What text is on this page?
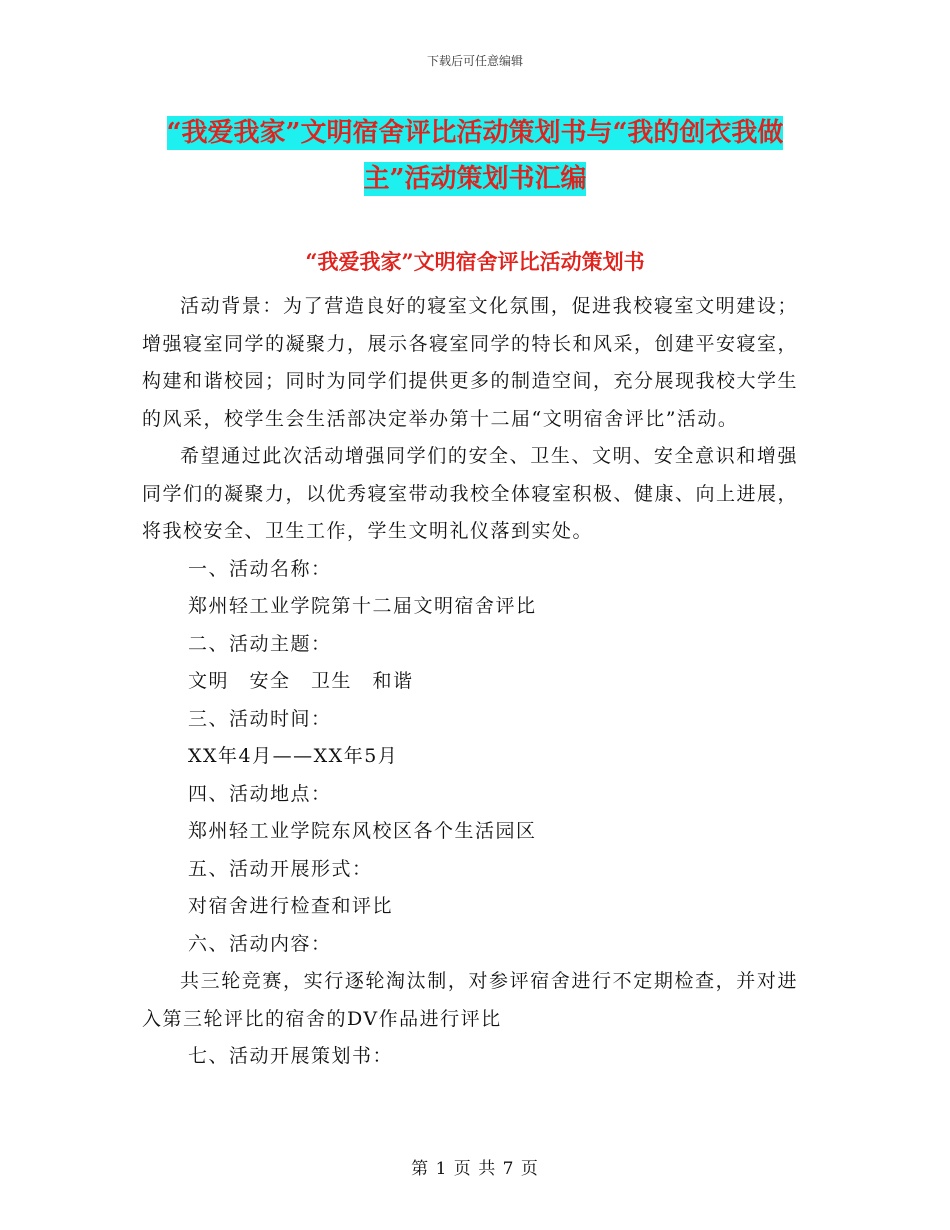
下载后可任意编辑
“我爱我家”文明宿舍评比活动策划书与“我的创衣我做主”活动策划书汇编
“我爱我家”文明宿舍评比活动策划书

活动背景：为了营造良好的寝室文化氛围，促进我校寝室文明建设；增强寝室同学的凝聚力，展示各寝室同学的特长和风采，创建平安寝室，构建和谐校园；同时为同学们提供更多的制造空间，充分展现我校大学生的风采，校学生会生活部决定举办第十二届“文明宿舍评比”活动。

希望通过此次活动增强同学们的安全、卫生、文明、安全意识和增强同学们的凝聚力，以优秀寝室带动我校全体寝室积极、健康、向上进展，将我校安全、卫生工作，学生文明礼仪落到实处。

一、活动名称：

郑州轻工业学院第十二届文明宿舍评比

二、活动主题：

文明　安全　卫生　和谐

三、活动时间：

XX年4月——XX年5月

四、活动地点：

郑州轻工业学院东风校区各个生活园区

五、活动开展形式：

对宿舍进行检查和评比

六、活动内容：

共三轮竞赛，实行逐轮淘汰制，对参评宿舍进行不定期检查，并对进入第三轮评比的宿舍的DV作品进行评比

七、活动开展策划书：

第 1 页 共 7 页
